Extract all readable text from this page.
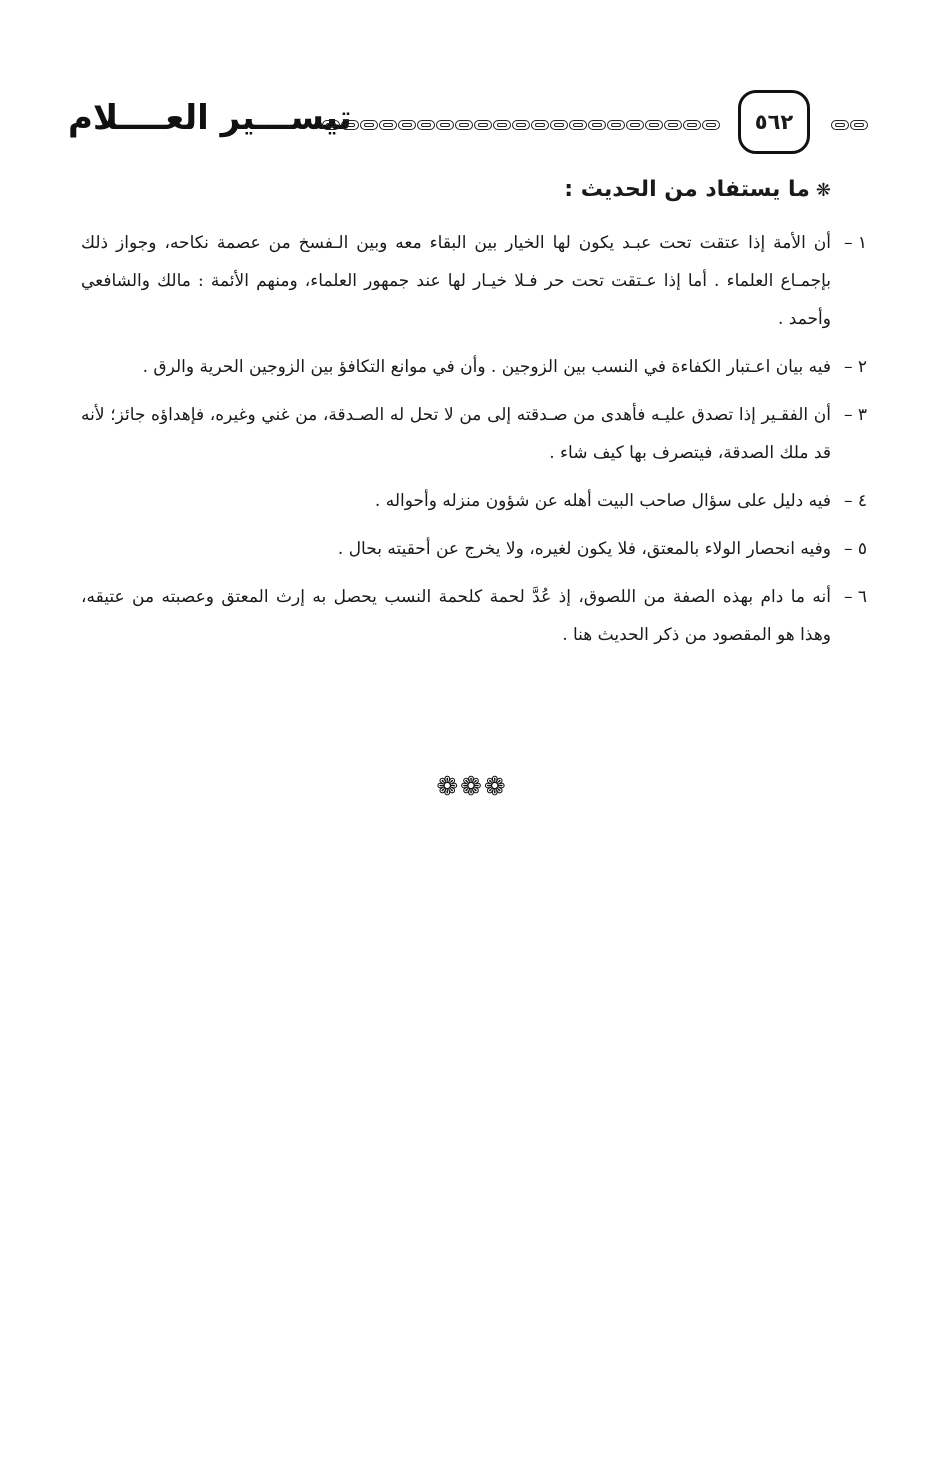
تيســـير العــــلام	٥٦٢
❋ما يستفاد من الحديث :
١ –
أن الأمة إذا عتقت تحت عبـد يكون لها الخيار بين البقاء معه وبين الـفسخ من عصمة نكاحه، وجواز ذلك بإجمـاع العلماء . أما إذا عـتقت تحت حر فـلا خيـار لها عند جمهور العلماء، ومنهم الأئمة : مالك والشافعي وأحمد .
٢ –
فيه بيان اعـتبار الكفاءة في النسب بين الزوجين . وأن في موانع التكافؤ بين الزوجين الحرية والرق .
٣ –
أن الفقـير إذا تصدق عليـه فأهدى من صـدقته إلى من لا تحل له الصـدقة، من غني وغيره، فإهداؤه جائز؛ لأنه قد ملك الصدقة، فيتصرف بها كيف شاء .
٤ –
فيه دليل على سؤال صاحب البيت أهله عن شؤون منزله وأحواله .
٥ –
وفيه انحصار الولاء بالمعتق، فلا يكون لغيره، ولا يخرج عن أحقيته بحال .
٦ –
أنه ما دام بهذه الصفة من اللصوق، إذ عُدَّ لحمة كلحمة النسب يحصل به إرث المعتق وعصبته من عتيقه، وهذا هو المقصود من ذكر الحديث هنا .
❁❁❁
